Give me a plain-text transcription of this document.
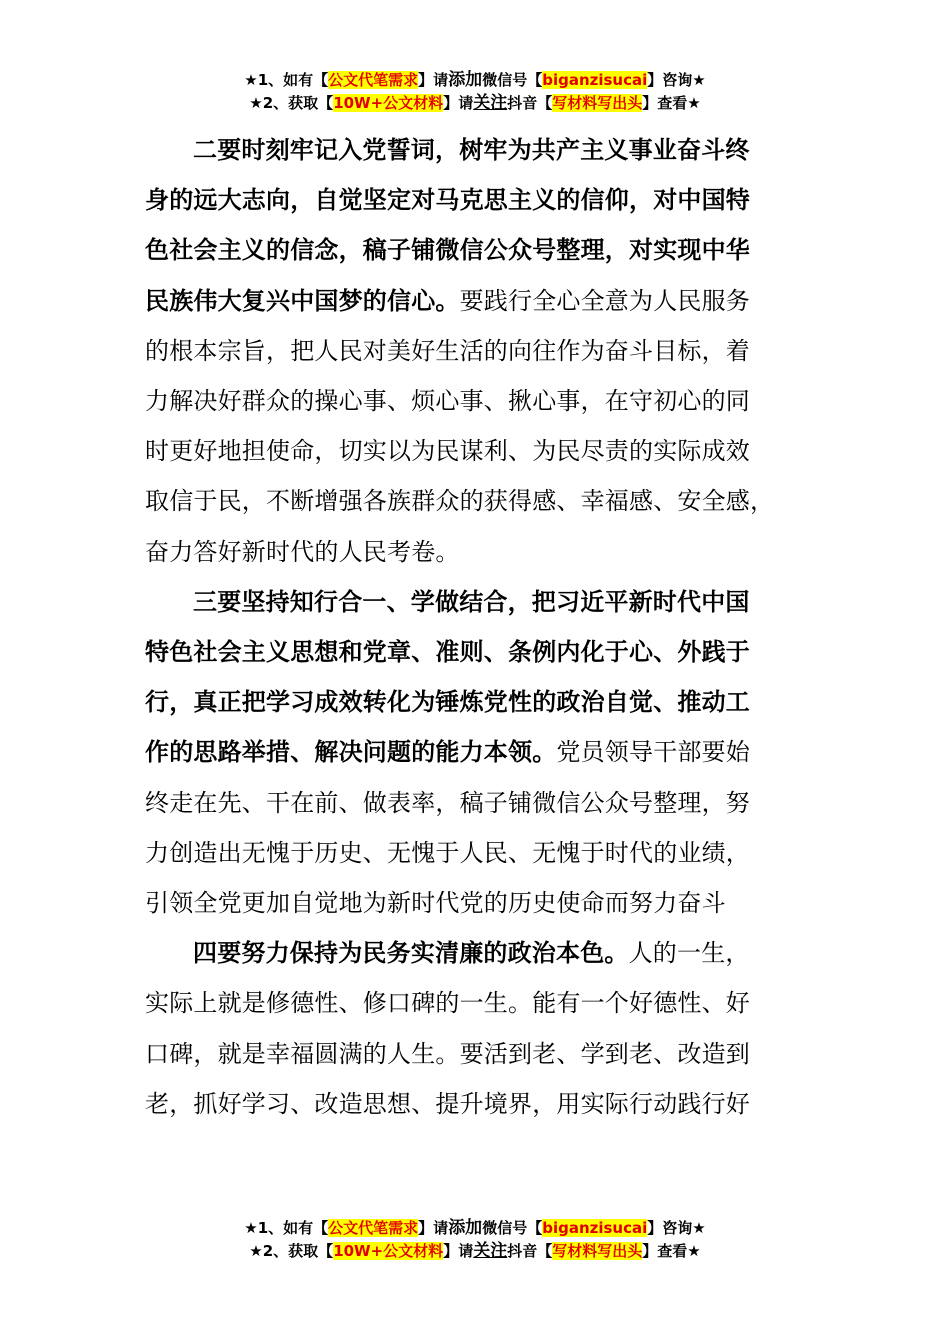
★1、如有【公文代笔需求】请添加微信号【biganzisucai】咨询★
★2、获取【10W+公文材料】请关注抖音【写材料写出头】查看★
二要时刻牢记入党誓词，树牢为共产主义事业奋斗终
身的远大志向，自觉坚定对马克思主义的信仰，对中国特
色社会主义的信念，稿子铺微信公众号整理，对实现中华
民族伟大复兴中国梦的信心。要践行全心全意为人民服务
的根本宗旨，把人民对美好生活的向往作为奋斗目标，着
力解决好群众的操心事、烦心事、揪心事，在守初心的同
时更好地担使命，切实以为民谋利、为民尽责的实际成效
取信于民，不断增强各族群众的获得感、幸福感、安全感，
奋力答好新时代的人民考卷。
三要坚持知行合一、学做结合，把习近平新时代中国
特色社会主义思想和党章、准则、条例内化于心、外践于
行，真正把学习成效转化为锤炼党性的政治自觉、推动工
作的思路举措、解决问题的能力本领。党员领导干部要始
终走在先、干在前、做表率，稿子铺微信公众号整理，努
力创造出无愧于历史、无愧于人民、无愧于时代的业绩，
引领全党更加自觉地为新时代党的历史使命而努力奋斗
四要努力保持为民务实清廉的政治本色。人的一生，
实际上就是修德性、修口碑的一生。能有一个好德性、好
口碑，就是幸福圆满的人生。要活到老、学到老、改造到
老，抓好学习、改造思想、提升境界，用实际行动践行好
★1、如有【公文代笔需求】请添加微信号【biganzisucai】咨询★
★2、获取【10W+公文材料】请关注抖音【写材料写出头】查看★
